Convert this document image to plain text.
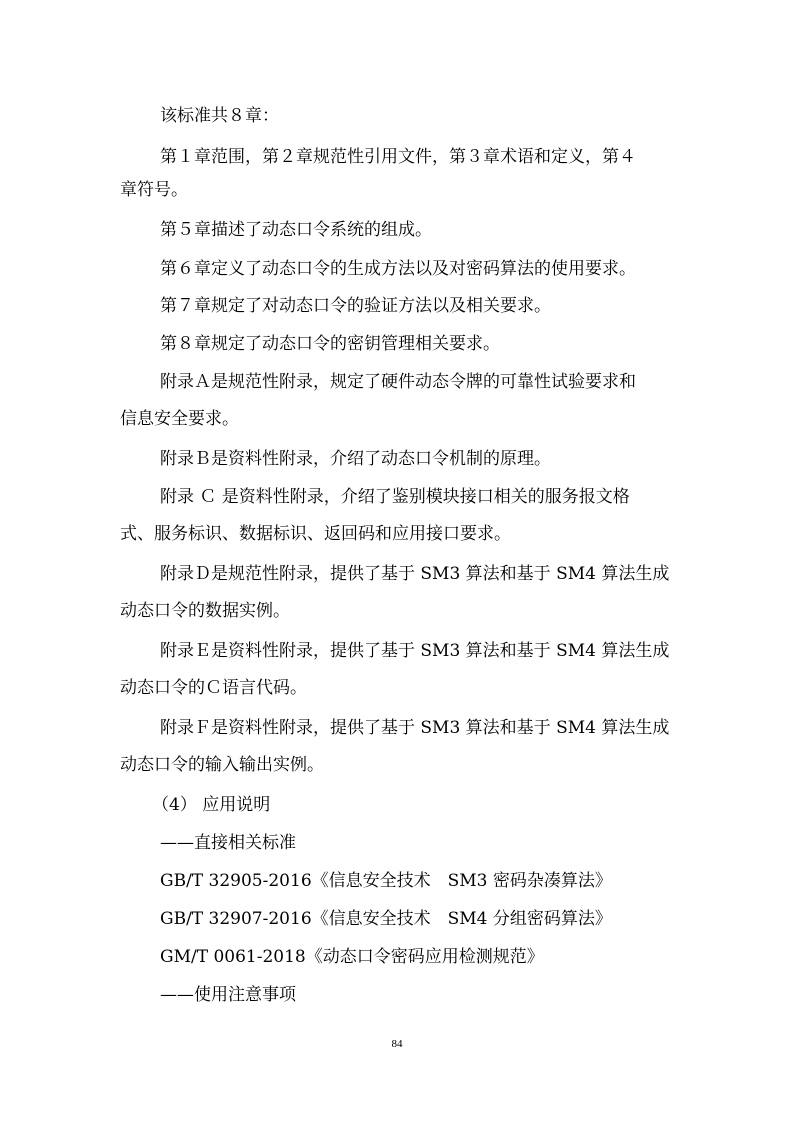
该标准共８章：
第１章范围，第２章规范性引用文件，第３章术语和定义，第４
章符号。
第５章描述了动态口令系统的组成。
第６章定义了动态口令的生成方法以及对密码算法的使用要求。
第７章规定了对动态口令的验证方法以及相关要求。
第８章规定了动态口令的密钥管理相关要求。
附录Ａ是规范性附录，规定了硬件动态令牌的可靠性试验要求和
信息安全要求。
附录Ｂ是资料性附录，介绍了动态口令机制的原理。
附录 Ｃ 是资料性附录，介绍了鉴别模块接口相关的服务报文格
式、服务标识、数据标识、返回码和应用接口要求。
附录Ｄ是规范性附录，提供了基于 SM3 算法和基于 SM4 算法生成
动态口令的数据实例。
附录Ｅ是资料性附录，提供了基于 SM3 算法和基于 SM4 算法生成
动态口令的Ｃ语言代码。
附录Ｆ是资料性附录，提供了基于 SM3 算法和基于 SM4 算法生成
动态口令的输入输出实例。
（4） 应用说明
——直接相关标准
GB/T 32905-2016《信息安全技术　SM3 密码杂凑算法》
GB/T 32907-2016《信息安全技术　SM4 分组密码算法》
GM/T 0061-2018《动态口令密码应用检测规范》
——使用注意事项
84
